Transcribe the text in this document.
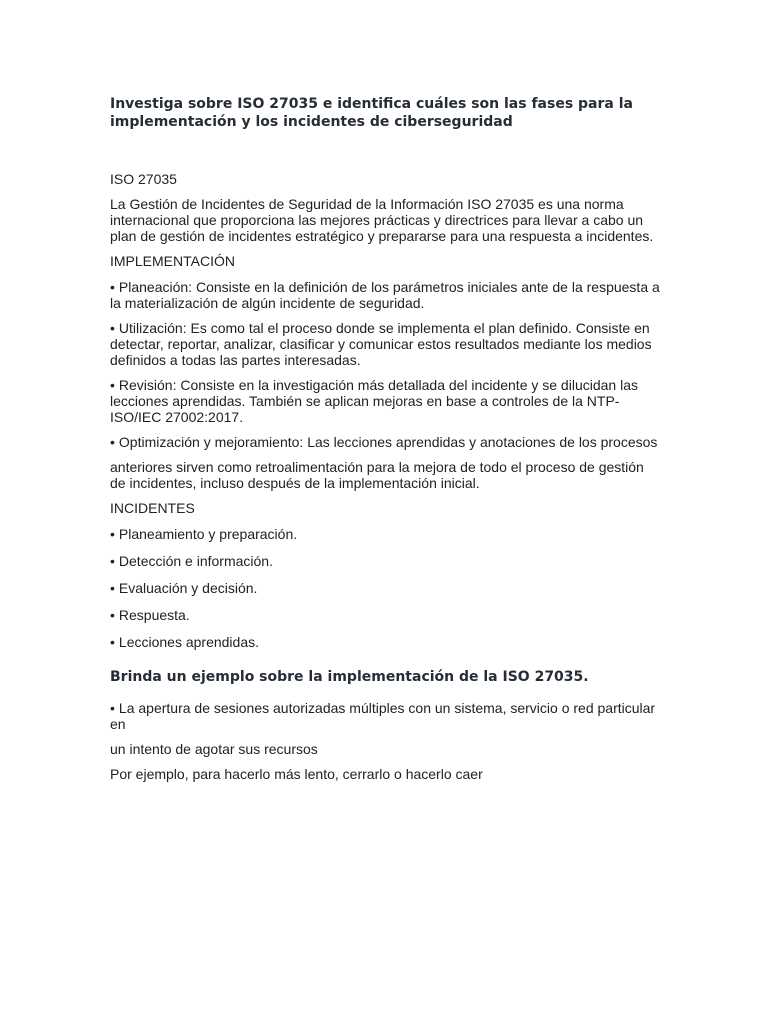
Investiga sobre ISO 27035 e identifica cuáles son las fases para la implementación y los incidentes de ciberseguridad

ISO 27035

La Gestión de Incidentes de Seguridad de la Información ISO 27035 es una norma internacional que proporciona las mejores prácticas y directrices para llevar a cabo un plan de gestión de incidentes estratégico y prepararse para una respuesta a incidentes.

IMPLEMENTACIÓN

• Planeación: Consiste en la definición de los parámetros iniciales ante de la respuesta a la materialización de algún incidente de seguridad.

• Utilización: Es como tal el proceso donde se implementa el plan definido. Consiste en detectar, reportar, analizar, clasificar y comunicar estos resultados mediante los medios definidos a todas las partes interesadas.

• Revisión: Consiste en la investigación más detallada del incidente y se dilucidan las lecciones aprendidas. También se aplican mejoras en base a controles de la NTP-ISO/IEC 27002:2017.

• Optimización y mejoramiento: Las lecciones aprendidas y anotaciones de los procesos

anteriores sirven como retroalimentación para la mejora de todo el proceso de gestión de incidentes, incluso después de la implementación inicial.

INCIDENTES

• Planeamiento y preparación.

• Detección e información.

• Evaluación y decisión.

• Respuesta.

• Lecciones aprendidas.

Brinda un ejemplo sobre la implementación de la ISO 27035.

• La apertura de sesiones autorizadas múltiples con un sistema, servicio o red particular en

un intento de agotar sus recursos

Por ejemplo, para hacerlo más lento, cerrarlo o hacerlo caer
